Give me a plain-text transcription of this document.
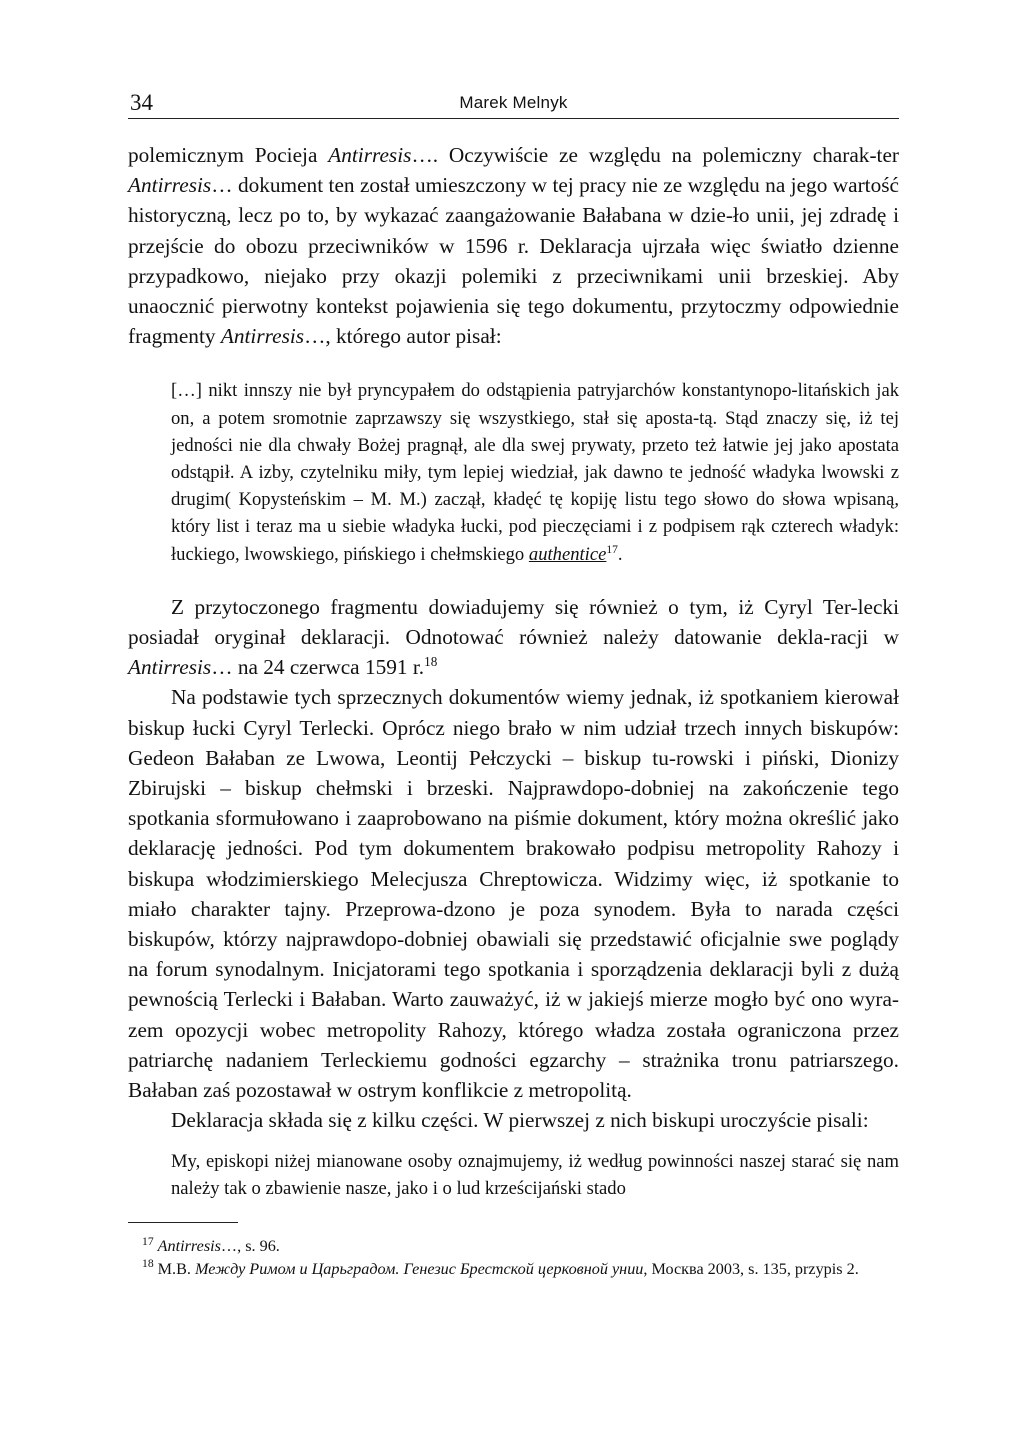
34	Marek Melnyk

polemicznym Pocieja Antirresis…. Oczywiście ze względu na polemiczny charak-ter Antirresis… dokument ten został umieszczony w tej pracy nie ze względu na jego wartość historyczną, lecz po to, by wykazać zaangażowanie Bałabana w dzie-ło unii, jej zdradę i przejście do obozu przeciwników w 1596 r. Deklaracja ujrzała więc światło dzienne przypadkowo, niejako przy okazji polemiki z przeciwnikami unii brzeskiej. Aby unaocznić pierwotny kontekst pojawienia się tego dokumentu, przytoczmy odpowiednie fragmenty Antirresis…, którego autor pisał:

[…] nikt innszy nie był pryncypałem do odstąpienia patryjarchów konstantynopo-litańskich jak on, a potem sromotnie zaprzawszy się wszystkiego, stał się aposta-tą. Stąd znaczy się, iż tej jedności nie dla chwały Bożej pragnął, ale dla swej prywaty, przeto też łatwie jej jako apostata odstąpił. A izby, czytelniku miły, tym lepiej wiedział, jak dawno te jedność władyka lwowski z drugim( Kopysteńskim – M. M.) zaczął, kładęć tę kopiję listu tego słowo do słowa wpisaną, który list i teraz ma u siebie władyka łucki, pod pieczęciami i z podpisem rąk czterech władyk: łuckiego, lwowskiego, pińskiego i chełmskiego authentice$^{17}$.

Z przytoczonego fragmentu dowiadujemy się również o tym, iż Cyryl Ter-lecki posiadał oryginał deklaracji. Odnotować również należy datowanie dekla-racji w Antirresis… na 24 czerwca 1591 r.$^{18}$

Na podstawie tych sprzecznych dokumentów wiemy jednak, iż spotkaniem kierował biskup łucki Cyryl Terlecki. Oprócz niego brało w nim udział trzech innych biskupów: Gedeon Bałaban ze Lwowa, Leontij Pełczycki – biskup tu-rowski i piński, Dionizy Zbirujski – biskup chełmski i brzeski. Najprawdopo-dobniej na zakończenie tego spotkania sformułowano i zaaprobowano na piśmie dokument, który można określić jako deklarację jedności. Pod tym dokumentem brakowało podpisu metropolity Rahozy i biskupa włodzimierskiego Melecjusza Chreptowicza. Widzimy więc, iż spotkanie to miało charakter tajny. Przeprowa-dzono je poza synodem. Była to narada części biskupów, którzy najprawdopo-dobniej obawiali się przedstawić oficjalnie swe poglądy na forum synodalnym. Inicjatorami tego spotkania i sporządzenia deklaracji byli z dużą pewnością Terlecki i Bałaban. Warto zauważyć, iż w jakiejś mierze mogło być ono wyra-zem opozycji wobec metropolity Rahozy, którego władza została ograniczona przez patriarchę nadaniem Terleckiemu godności egzarchy – strażnika tronu patriarszego. Bałaban zaś pozostawał w ostrym konflikcie z metropolitą.

Deklaracja składa się z kilku części. W pierwszej z nich biskupi uroczyście pisali:

My, episkopi niżej mianowane osoby oznajmujemy, iż według powinności naszej starać się nam należy tak o zbawienie nasze, jako i o lud krześcijański stado

$^{17}$ Antirresis…, s. 96.

$^{18}$ М.В. Между Римом и Царьградом. Генезис Брестской церковной унии, Москва 2003, s. 135, przypis 2.
